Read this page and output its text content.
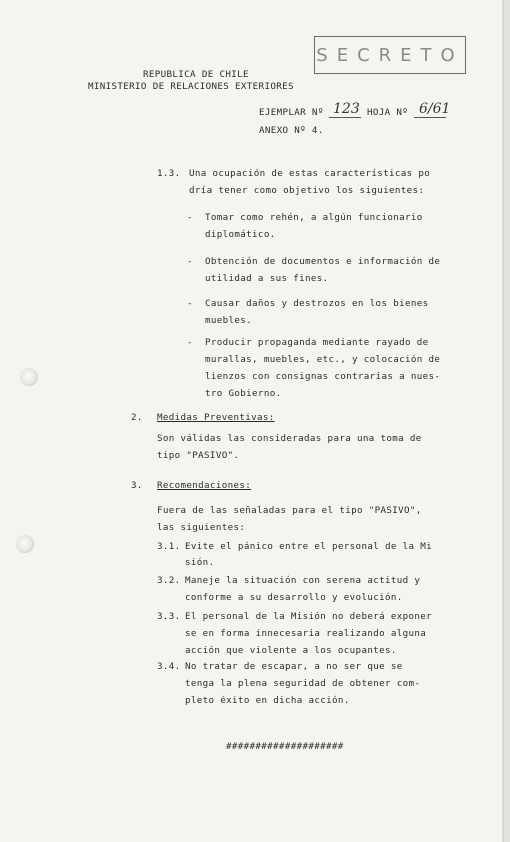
SECRETO
REPUBLICA DE CHILE
MINISTERIO DE RELACIONES EXTERIORES
EJEMPLAR Nº 123 HOJA Nº 6/61
ANEXO Nº 4.
1.3. Una ocupación de estas características po
dría tener como objetivo los siguientes:
- Tomar como rehén, a algún funcionario
diplomático.
- Obtención de documentos e información de
utilidad a sus fines.
- Causar daños y destrozos en los bienes
muebles.
- Producir propaganda mediante rayado de
murallas, muebles, etc., y colocación de
lienzos con consignas contrarias a nues-
tro Gobierno.
2. Medidas Preventivas:
Son válidas las consideradas para una toma de
tipo "PASIVO".
3. Recomendaciones:
Fuera de las señaladas para el tipo "PASIVO",
las siguientes:
3.1. Evite el pánico entre el personal de la Mi
sión.
3.2. Maneje la situación con serena actitud y
conforme a su desarrollo y evolución.
3.3. El personal de la Misión no deberá exponer
se en forma innecesaria realizando alguna
acción que violente a los ocupantes.
3.4. No tratar de escapar, a no ser que se
tenga la plena seguridad de obtener com-
pleto éxito en dicha acción.
####################
